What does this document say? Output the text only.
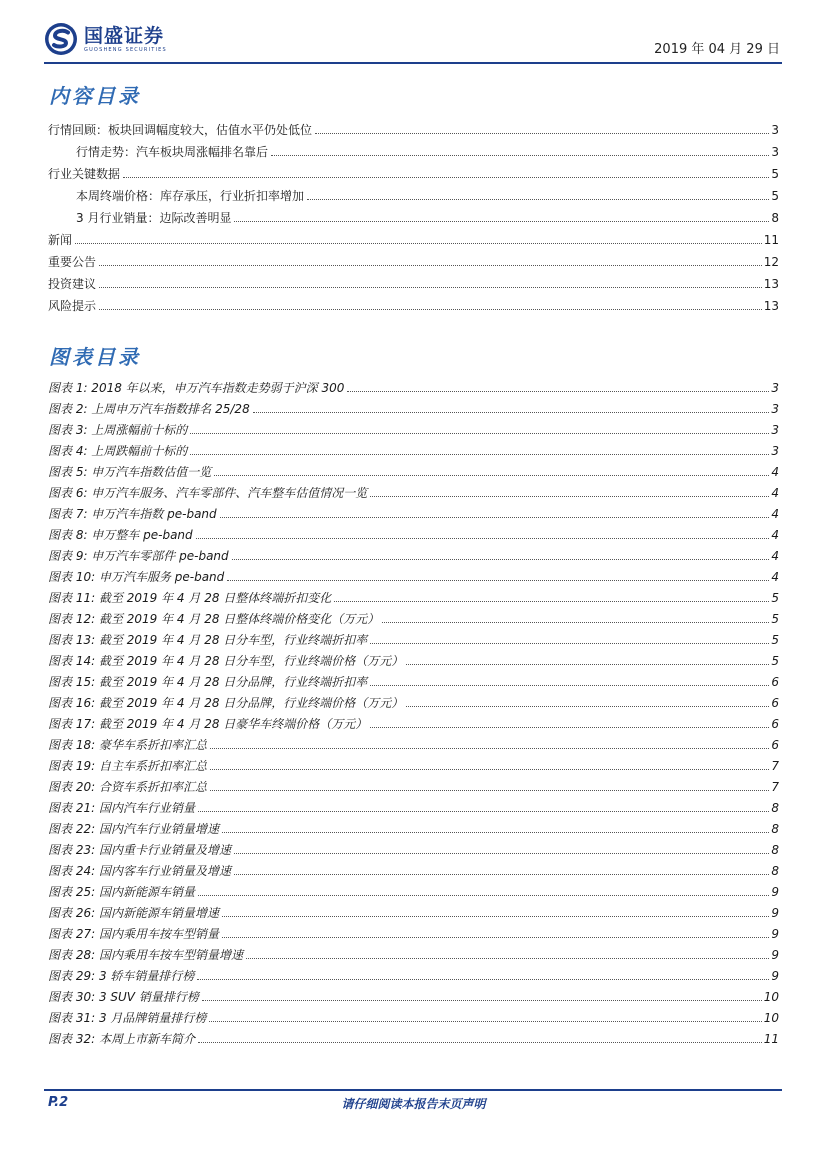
国盛证券
GUOSHENG SECURITIES	2019 年 04 月 29 日
内容目录
行情回顾：板块回调幅度较大，估值水平仍处低位	3
行情走势：汽车板块周涨幅排名靠后	3
行业关键数据	5
本周终端价格：库存承压，行业折扣率增加	5
3 月行业销量：边际改善明显	8
新闻	11
重要公告	12
投资建议	13
风险提示	13
图表目录
图表 1: 2018 年以来，申万汽车指数走势弱于沪深 300	3
图表 2: 上周申万汽车指数排名 25/28	3
图表 3: 上周涨幅前十标的	3
图表 4: 上周跌幅前十标的	3
图表 5: 申万汽车指数估值一览	4
图表 6: 申万汽车服务、汽车零部件、汽车整车估值情况一览	4
图表 7: 申万汽车指数 pe-band	4
图表 8: 申万整车 pe-band	4
图表 9: 申万汽车零部件 pe-band	4
图表 10: 申万汽车服务 pe-band	4
图表 11: 截至 2019 年 4 月 28 日整体终端折扣变化	5
图表 12: 截至 2019 年 4 月 28 日整体终端价格变化（万元）	5
图表 13: 截至 2019 年 4 月 28 日分车型，行业终端折扣率	5
图表 14: 截至 2019 年 4 月 28 日分车型，行业终端价格（万元）	5
图表 15: 截至 2019 年 4 月 28 日分品牌，行业终端折扣率	6
图表 16: 截至 2019 年 4 月 28 日分品牌，行业终端价格（万元）	6
图表 17: 截至 2019 年 4 月 28 日豪华车终端价格（万元）	6
图表 18: 豪华车系折扣率汇总	6
图表 19: 自主车系折扣率汇总	7
图表 20: 合资车系折扣率汇总	7
图表 21: 国内汽车行业销量	8
图表 22: 国内汽车行业销量增速	8
图表 23: 国内重卡行业销量及增速	8
图表 24: 国内客车行业销量及增速	8
图表 25: 国内新能源车销量	9
图表 26: 国内新能源车销量增速	9
图表 27: 国内乘用车按车型销量	9
图表 28: 国内乘用车按车型销量增速	9
图表 29: 3 轿车销量排行榜	9
图表 30: 3 SUV 销量排行榜	10
图表 31: 3 月品牌销量排行榜	10
图表 32: 本周上市新车简介	11
请仔细阅读本报告末页声明
P.2
